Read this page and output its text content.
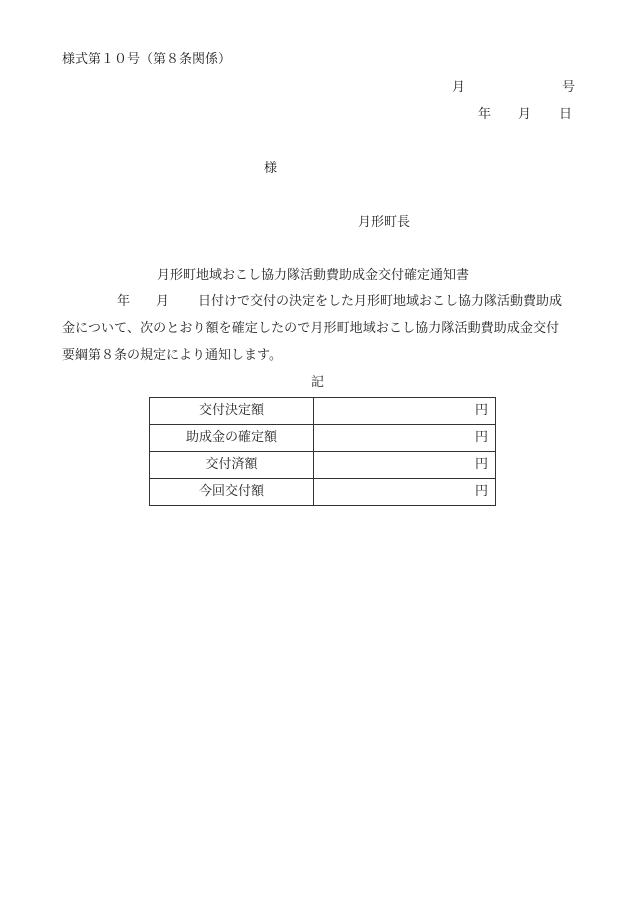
様式第１０号（第８条関係）
月	号
年 月 日
様
月形町長
月形町地域おこし協力隊活動費助成金交付確定通知書
年 月 日付けで交付の決定をした月形町地域おこし協力隊活動費助成
金について、次のとおり額を確定したので月形町地域おこし協力隊活動費助成金交付
要綱第８条の規定により通知します。
記
交付決定額	円
助成金の確定額	円
交付済額	円
今回交付額	円
